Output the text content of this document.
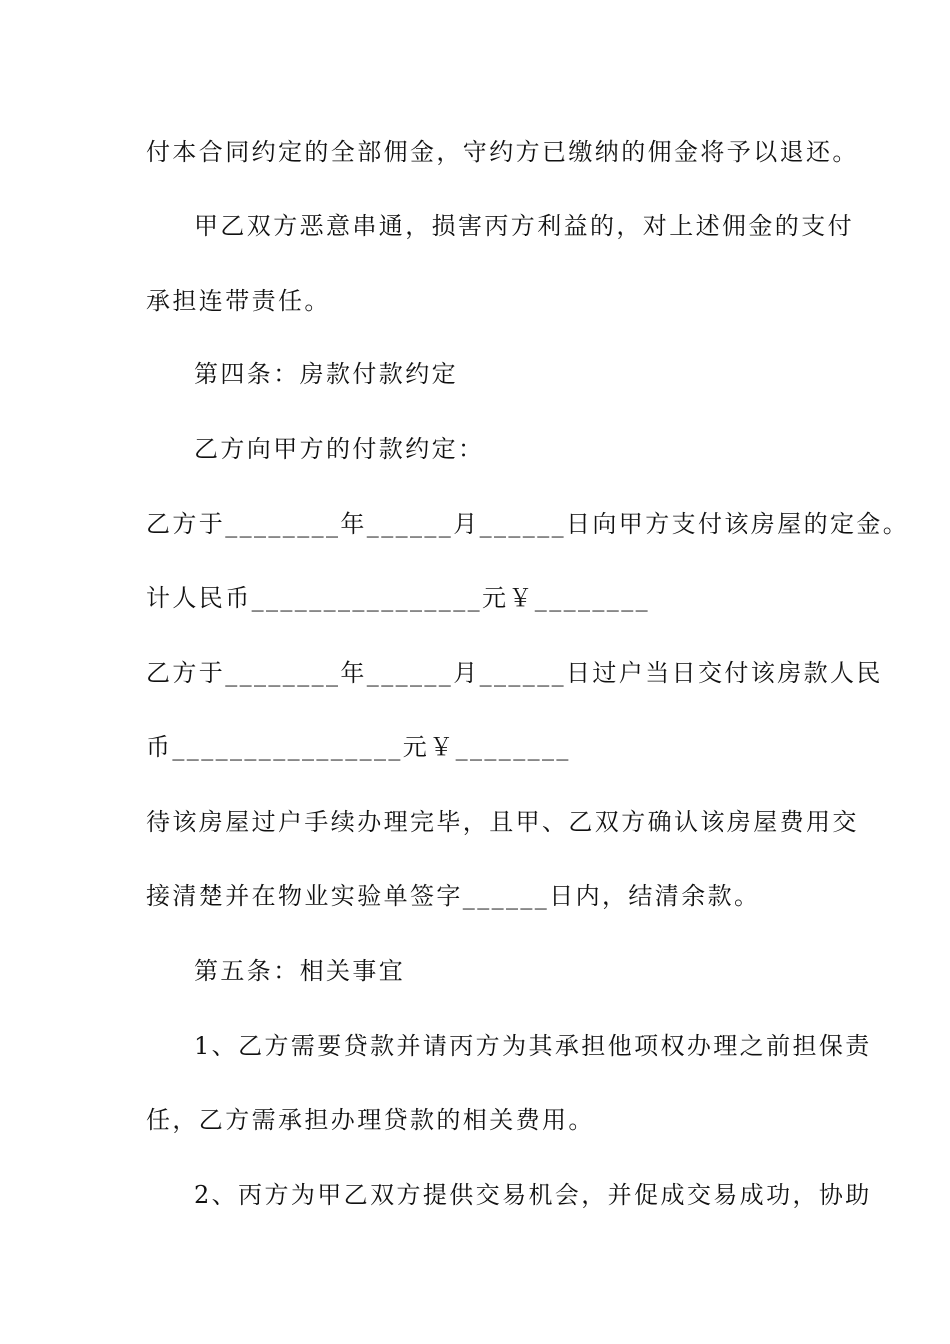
付本合同约定的全部佣金，守约方已缴纳的佣金将予以退还。
甲乙双方恶意串通，损害丙方利益的，对上述佣金的支付
承担连带责任。
第四条：房款付款约定
乙方向甲方的付款约定：
乙方于________年______月______日向甲方支付该房屋的定金。
计人民币________________元￥________
乙方于________年______月______日过户当日交付该房款人民
币________________元￥________
待该房屋过户手续办理完毕，且甲、乙双方确认该房屋费用交
接清楚并在物业实验单签字______日内，结清余款。
第五条：相关事宜
1、乙方需要贷款并请丙方为其承担他项权办理之前担保责
任，乙方需承担办理贷款的相关费用。
2、丙方为甲乙双方提供交易机会，并促成交易成功，协助
